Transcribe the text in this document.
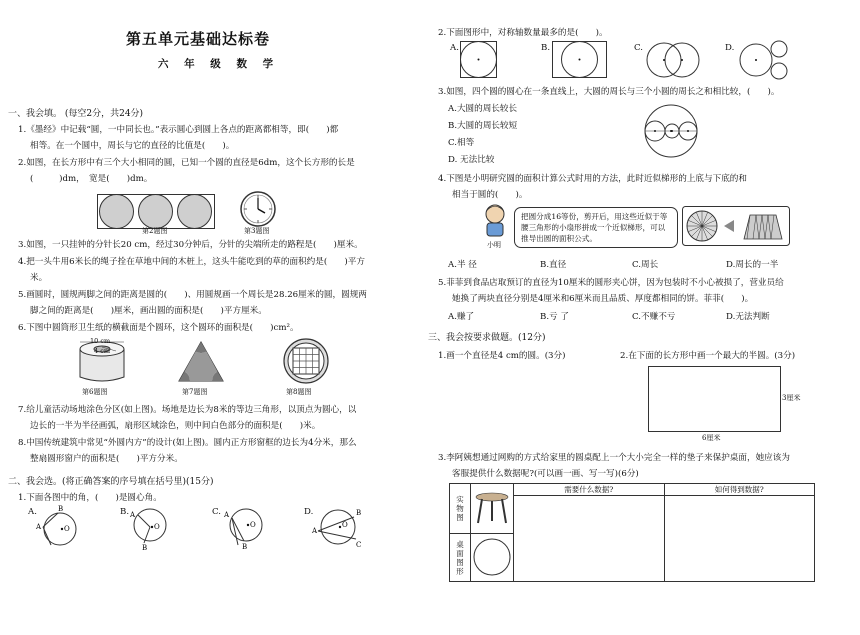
第五单元基础达标卷
六 年 级 数 学
一、我会填。 (每空2分，共24分)
1.《墨经》中记载“圆，一中同长也。”表示圆心到圆上各点的距离都相等，即(　　)都
相等。在一个圆中，周长与它的直径的比值是(　　)。
2.如图，在长方形中有三个大小相同的圆，已知一个圆的直径是6dm，这个长方形的长是
(　　　)dm，　宽是(　　)dm。
第2题图	第3题图
3.如图，一只挂钟的分针长20 cm，经过30分钟后，分针的尖端所走的路程是(　　)厘米。
4.把一头牛用6米长的绳子拴在草地中间的木桩上，这头牛能吃到的草的面积约是(　　)平方
米。
5.画圆时，圆规两脚之间的距离是圆的(　　)、用圆规画一个周长是28.26厘米的圆，圆规两
脚之间的距离是(　　)厘米，画出圆的面积是(　　)平方厘米。
6.下图中圆筒形卫生纸的横截面是个圆环，这个圆环的面积是(　　)cm²。
10 cm
4 cm
第6题图	第7题图	第8题图
7.给儿童活动场地涂色分区(如上图)。场地是边长为8米的等边三角形，以顶点为圆心，以
边长的一半为半径画弧，扇形区域涂色，则中间白色部分的面积是(　　)米。
8.中国传统建筑中常见“外圆内方”的设计(如上图)。圆内正方形窗框的边长为4分米，那么
整扇圆形窗户的面积是(　　)平方分米。
二、我会选。(将正确答案的序号填在括号里)(15分)
1.下面各图中的角，(　　)是圆心角。
A.
A
B
O
B. A
B
O
C. A
B
O
D.
A
B
C
O
2.下面图形中，对称轴数量最多的是(　　)。
A.	B.	C.	D.
3.如图，四个圆的圆心在一条直线上，大圆的周长与三个小圆的周长之和相比较，(　　)。
A.大圆的周长较长
B.大圆的周长较短
C.相等
D. 无法比较
4.下图是小明研究圆的面积计算公式时用的方法，此时近似梯形的上底与下底的和
相当于圆的(　　)。
小明
把圆分成16等份，剪开后，用这些近似于等腰三角形的小扇形拼成一个近似梯形，可以推导出圆的面积公式。
A.半 径	B.直径	C.周长	D.周长的一半
5.菲菲到食品店取预订的直径为10厘米的圆形夹心饼，因为包装时不小心被损了，营业员给
她换了两块直径分别是4厘米和6厘米而且品质、厚度都相同的饼。菲菲(　　)。
A.赚了	B.亏 了	C.不赚不亏	D.无法判断
三、我会按要求做题。(12分)
1.画一个直径是4 cm的圆。(3分)	2.在下面的长方形中画一个最大的半圆。(3分)
3厘米
6厘米
3.李阿姨想通过网购的方式给家里的圆桌配上一个大小完全一样的垫子来保护桌面，她应该为
客服提供什么数据呢?(可以画一画、写一写)(6分)
实物图		需要什么数据?	如何得到数据?

桌面图形
